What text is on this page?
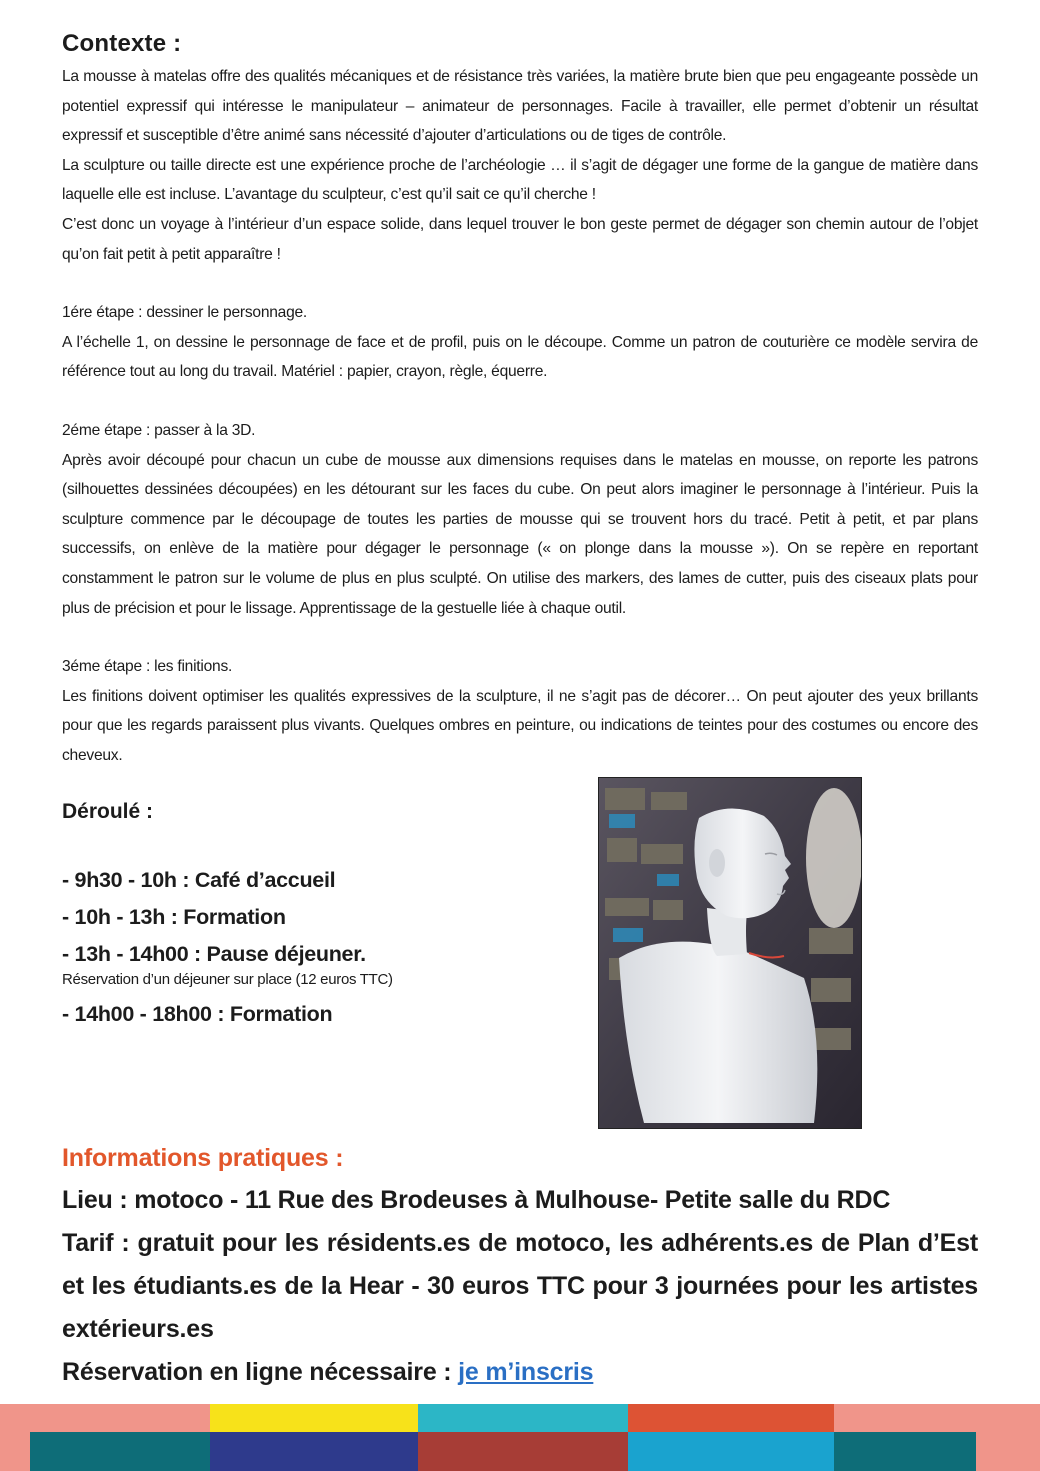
Contexte :

La mousse à matelas offre des qualités mécaniques et de résistance très variées, la matière brute bien que peu engageante possède un potentiel expressif qui intéresse le manipulateur – animateur de personnages. Facile à travailler, elle permet d’obtenir un résultat expressif et susceptible d’être animé sans nécessité d’ajouter d’articulations ou de tiges de contrôle.

La sculpture ou taille directe est une expérience proche de l’archéologie … il s’agit de dégager une forme de la gangue de matière dans laquelle elle est incluse. L’avantage du sculpteur, c’est qu’il sait ce qu’il cherche !

C’est donc un voyage à l’intérieur d’un espace solide, dans lequel trouver le bon geste permet de dégager son chemin autour de l’objet qu’on fait petit à petit apparaître !

1ére étape : dessiner le personnage.

A l’échelle 1, on dessine le personnage de face et de profil, puis on le découpe. Comme un patron de couturière ce modèle servira de référence tout au long du travail. Matériel : papier, crayon, règle, équerre.

2éme étape : passer à la 3D.

Après avoir découpé pour chacun un cube de mousse aux dimensions requises dans le matelas en mousse, on reporte les patrons (silhouettes dessinées découpées) en les détourant sur les faces du cube. On peut alors imaginer le personnage à l’intérieur. Puis la sculpture commence par le découpage de toutes les parties de mousse qui se trouvent hors du tracé. Petit à petit, et par plans successifs, on enlève de la matière pour dégager le personnage (« on plonge dans la mousse »). On se repère en reportant constamment le patron sur le volume de plus en plus sculpté. On utilise des markers, des lames de cutter, puis des ciseaux plats pour plus de précision et pour le lissage. Apprentissage de la gestuelle liée à chaque outil.

3éme étape : les finitions.

Les finitions doivent optimiser les qualités expressives de la sculpture, il ne s’agit pas de décorer… On peut ajouter des yeux brillants pour que les regards paraissent plus vivants. Quelques ombres en peinture, ou indications de teintes pour des costumes ou encore des cheveux.

Déroulé :

- 9h30 - 10h : Café d’accueil

- 10h - 13h : Formation

- 13h - 14h00 : Pause déjeuner.

Réservation d’un déjeuner sur place (12 euros TTC)

- 14h00 - 18h00 : Formation

Informations pratiques :

Lieu : motoco - 11 Rue des Brodeuses à Mulhouse- Petite salle du RDC

Tarif : gratuit pour les résidents.es de motoco, les adhérents.es de Plan d’Est et les étudiants.es de la Hear - 30 euros TTC pour 3 journées pour les artistes extérieurs.es

Réservation en ligne nécessaire : je m’inscris
